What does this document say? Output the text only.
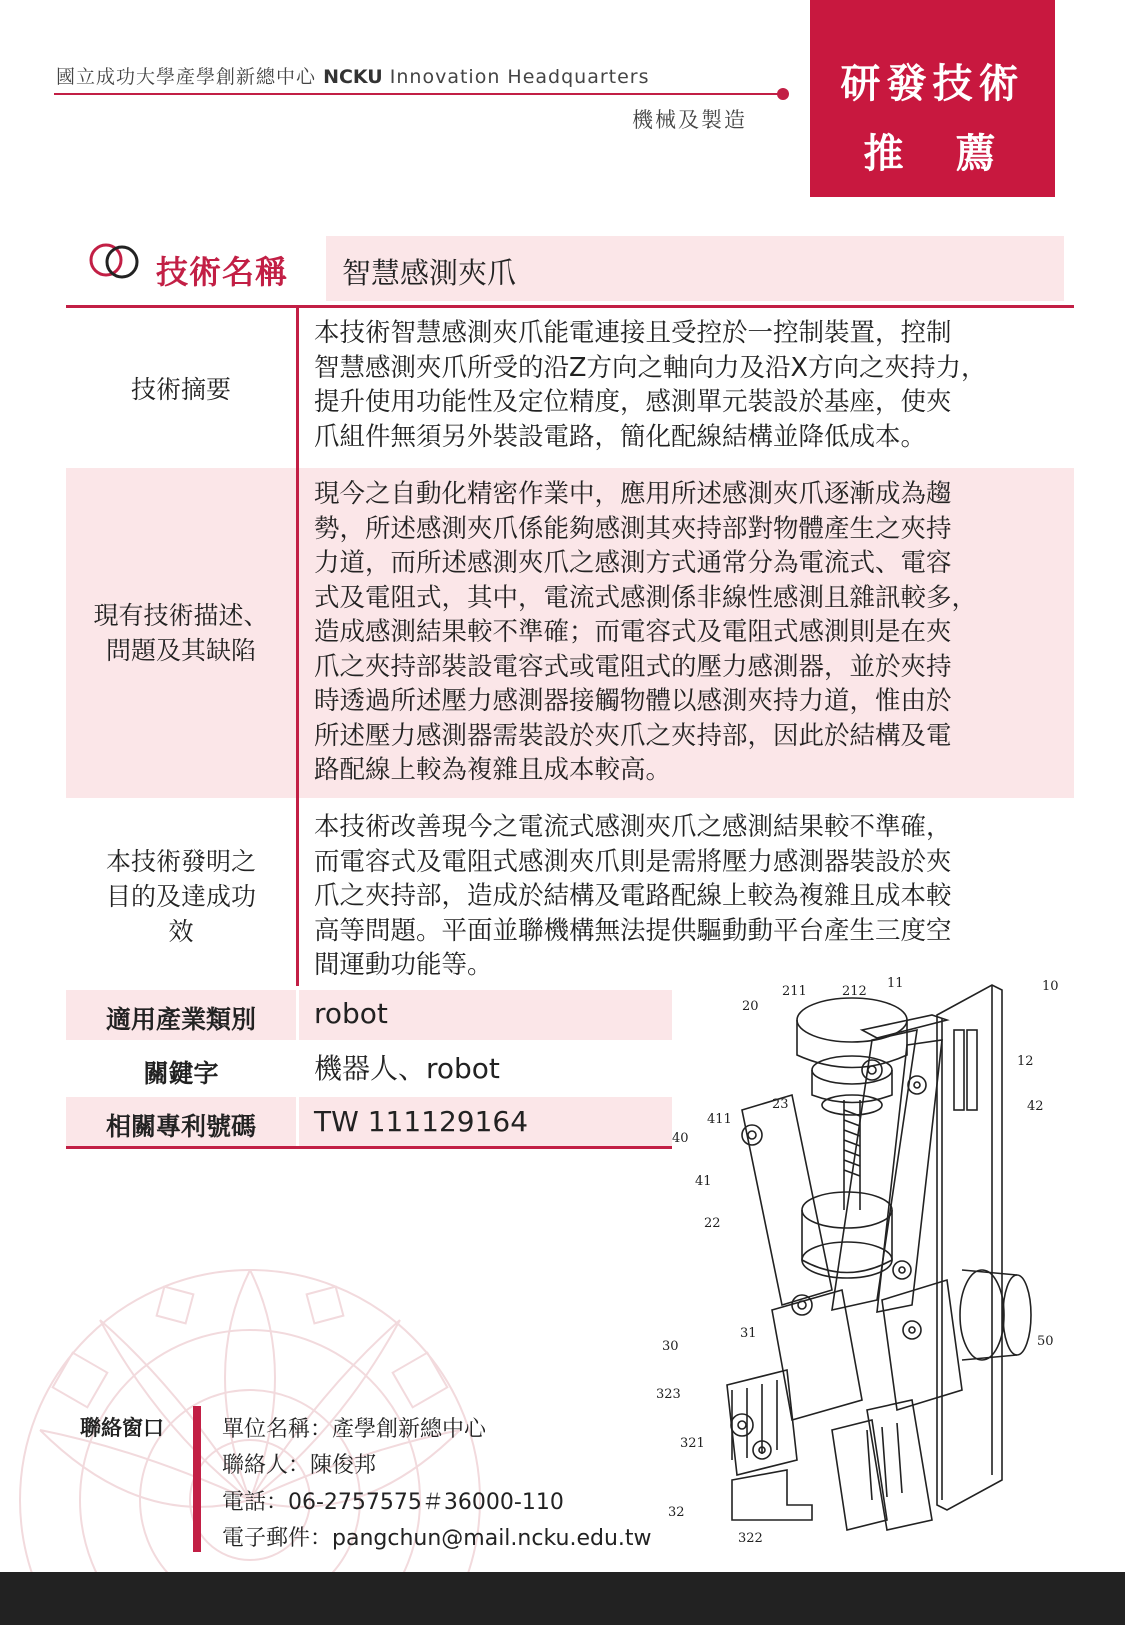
國立成功大學產學創新總中心 NCKU Innovation Headquarters
機械及製造
研發技術
推　薦
技術名稱 智慧感測夾爪
技術摘要
本技術智慧感測夾爪能電連接且受控於一控制裝置，控制
智慧感測夾爪所受的沿Z方向之軸向力及沿X方向之夾持力，
提升使用功能性及定位精度，感測單元裝設於基座，使夾
爪組件無須另外裝設電路，簡化配線結構並降低成本。
現有技術描述、
問題及其缺陷
現今之自動化精密作業中，應用所述感測夾爪逐漸成為趨
勢，所述感測夾爪係能夠感測其夾持部對物體產生之夾持
力道，而所述感測夾爪之感測方式通常分為電流式、電容
式及電阻式，其中，電流式感測係非線性感測且雜訊較多，
造成感測結果較不準確；而電容式及電阻式感測則是在夾
爪之夾持部裝設電容式或電阻式的壓力感測器，並於夾持
時透過所述壓力感測器接觸物體以感測夾持力道，惟由於
所述壓力感測器需裝設於夾爪之夾持部，因此於結構及電
路配線上較為複雜且成本較高。
本技術發明之
目的及達成功
效
本技術改善現今之電流式感測夾爪之感測結果較不準確，
而電容式及電阻式感測夾爪則是需將壓力感測器裝設於夾
爪之夾持部，造成於結構及電路配線上較為複雜且成本較
高等問題。平面並聯機構無法提供驅動動平台產生三度空
間運動功能等。
適用產業類別	robot
關鍵字	機器人、robot
相關專利號碼	TW 111129164
211	212
11	10
20
12
23	42
411
40
41
22
31
50
30
323
321
32
322
聯絡窗口	單位名稱：產學創新總中心
聯絡人：陳俊邦
電話：06-2757575＃36000-110
電子郵件：pangchun@mail.ncku.edu.tw
